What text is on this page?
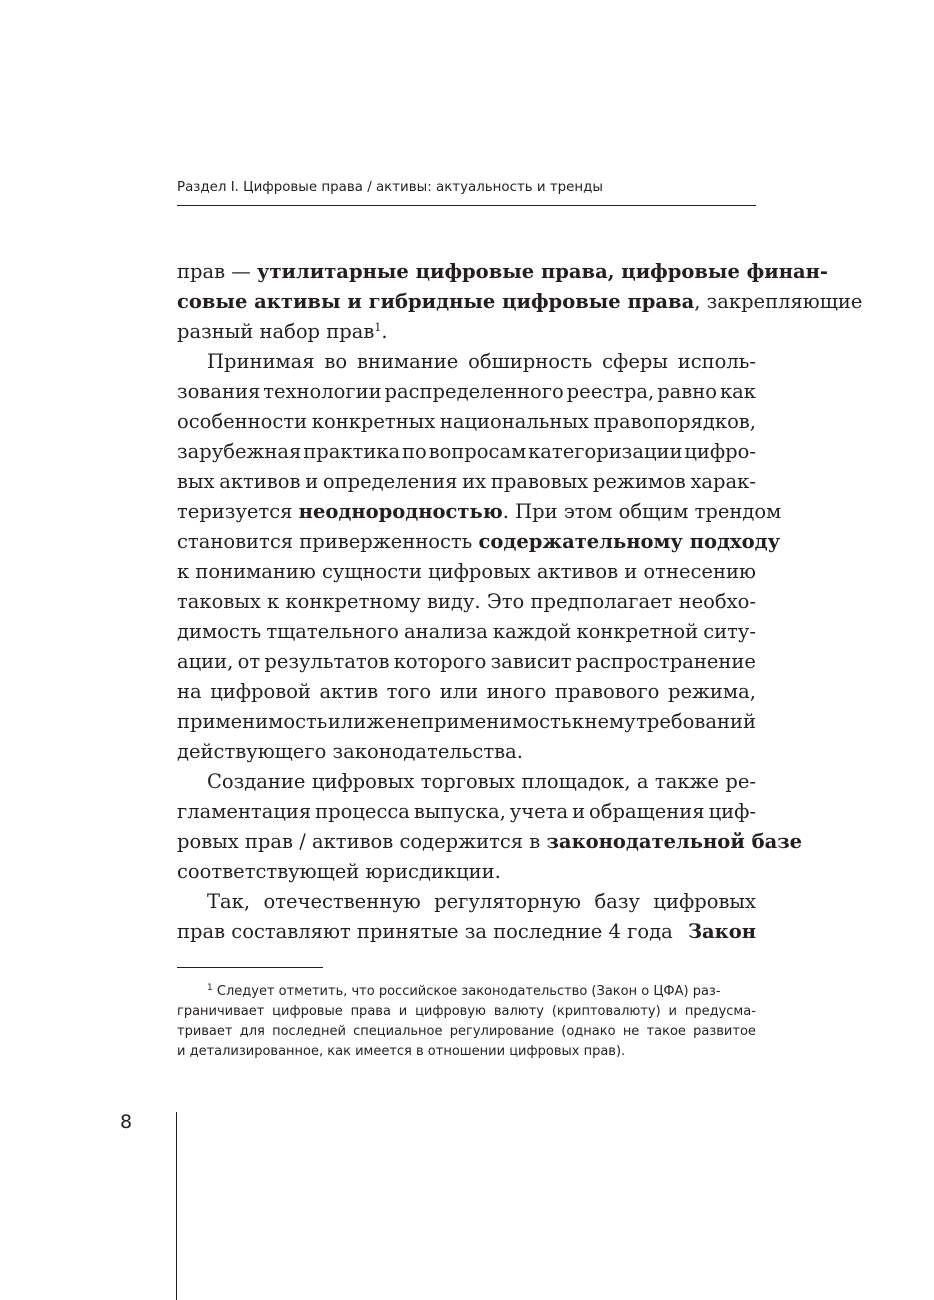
Раздел I. Цифровые права / активы: актуальность и тренды
прав — утилитарные цифровые права, цифровые финан-
совые активы и гибридные цифровые права , закрепляющие
разный набор прав$^1$.
Принимая во внимание обширность сферы исполь-
зования технологии распределенного реестра, равно как
особенности конкретных национальных правопорядков,
зарубежная практика по вопросам категоризации цифро-
вых активов и определения их правовых режимов харак-
теризуется неоднородностью . При этом общим трендом
становится приверженность содержательному подходу
к пониманию сущности цифровых активов и отнесению
таковых к конкретному виду. Это предполагает необхо-
димость тщательного анализа каждой конкретной ситу-
ации, от результатов которого зависит распространение
на цифровой актив того или иного правового режима,
применимость или же неприменимость к нему требований
действующего законодательства.
Создание цифровых торговых площадок, а также ре-
гламентация процесса выпуска, учета и обращения циф-
ровых прав / активов содержится в законодательной базе
соответствующей юрисдикции.
Так, отечественную регуляторную базу цифровых
прав составляют принятые за последние 4 года Закон
$^1$ Следует отметить, что российское законодательство (Закон о ЦФА) раз-
граничивает цифровые права и цифровую валюту (криптовалюту) и предусма-
тривает для последней специальное регулирование (однако не такое развитое
и детализированное, как имеется в отношении цифровых прав).
8
